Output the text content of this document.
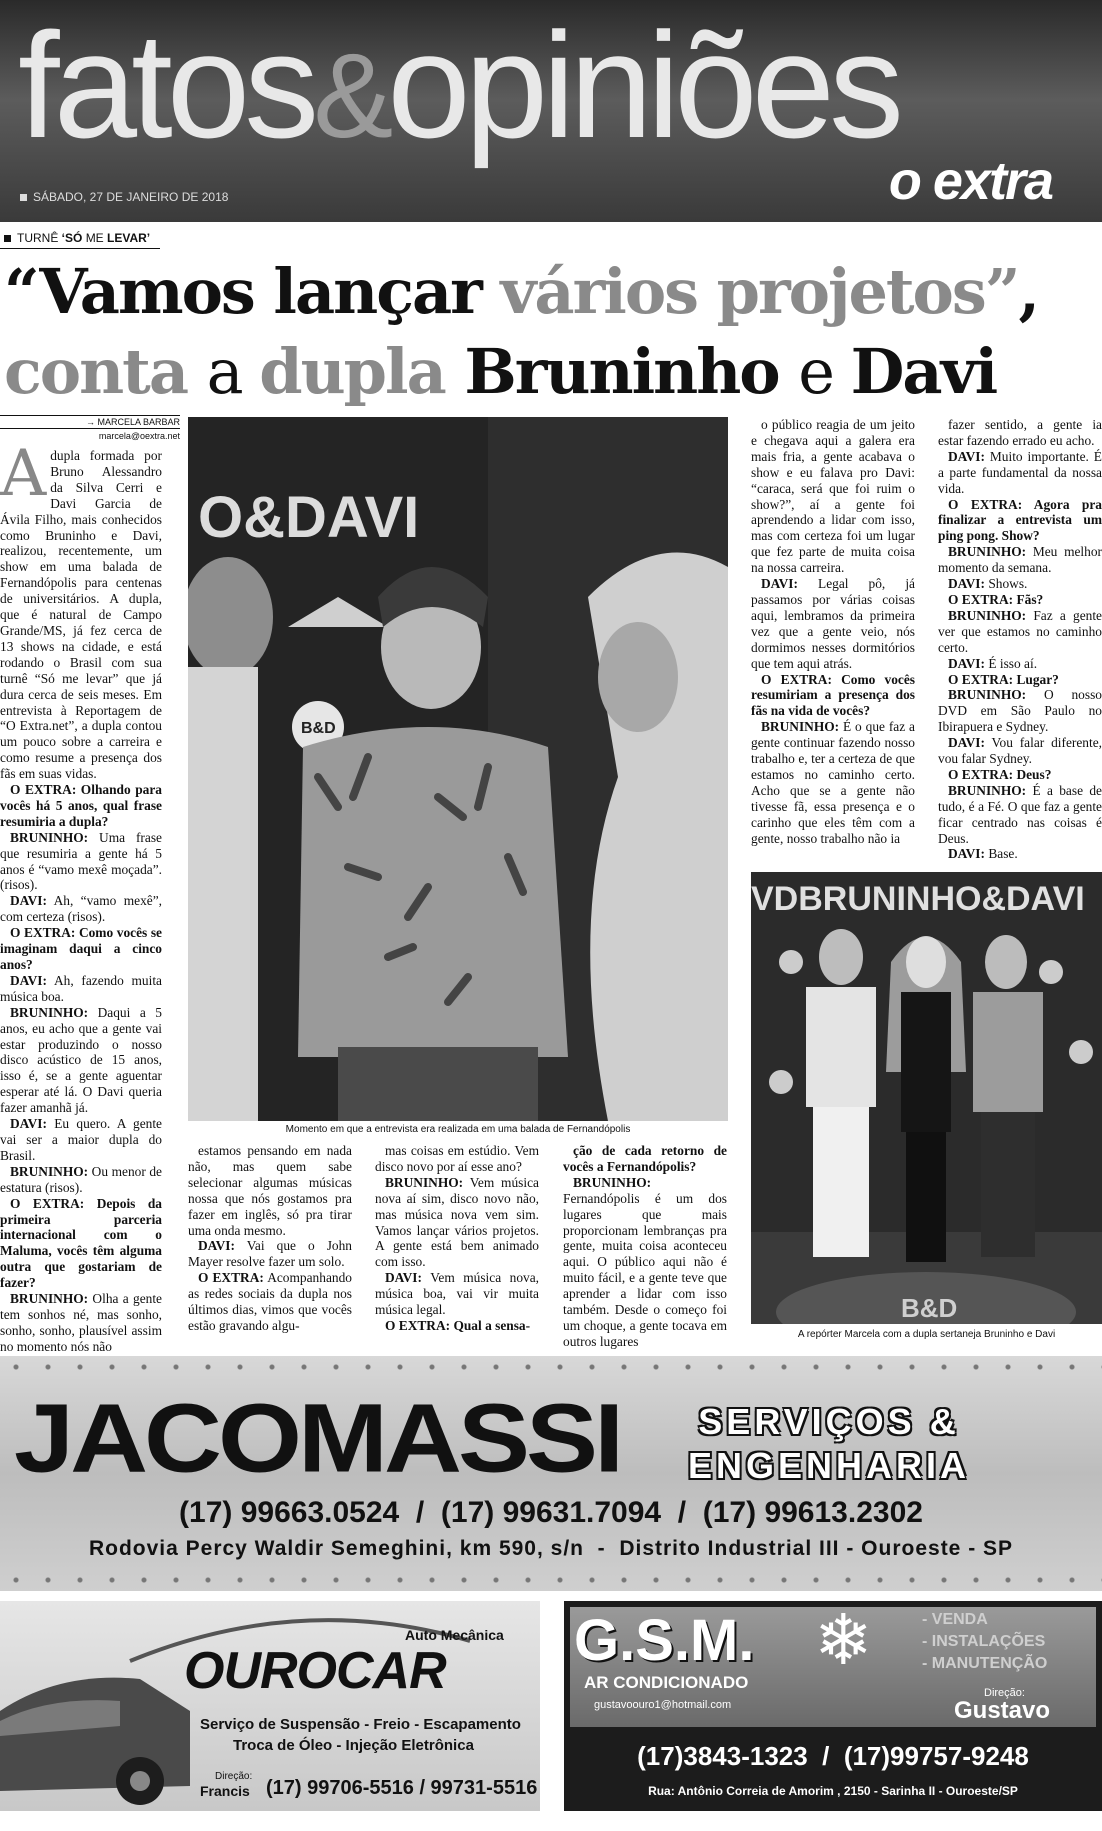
fatos&opiniões
SÁBADO, 27 DE JANEIRO DE 2018	o extra
TURNÊ ‘SÓ ME LEVAR’
“Vamos lançar vários projetos”,
conta a dupla Bruninho e Davi
→ MARCELA BARBAR
marcela@oextra.net

Adupla formada por Bruno Alessandro da Silva Cerri e Davi Garcia de Ávila Filho, mais conhecidos como Bruninho e Davi, realizou, recentemente, um show em uma balada de Fernandópolis para centenas de universitários. A dupla, que é natural de Campo Grande/MS, já fez cerca de 13 shows na cidade, e está rodando o Brasil com sua turnê “Só me levar” que já dura cerca de seis meses. Em entrevista à Reportagem de “O Extra.net”, a dupla contou um pouco sobre a carreira e como resume a presença dos fãs em suas vidas.

O EXTRA: Olhando para vocês há 5 anos, qual frase resumiria a dupla?

BRUNINHO: Uma frase que resumiria a gente há 5 anos é “vamo mexê moçada”. (risos).

DAVI: Ah, “vamo mexê”, com certeza (risos).

O EXTRA: Como vocês se imaginam daqui a cinco anos?

DAVI: Ah, fazendo muita música boa.

BRUNINHO: Daqui a 5 anos, eu acho que a gente vai estar produzindo o nosso disco acústico de 15 anos, isso é, se a gente aguentar esperar até lá. O Davi queria fazer amanhã já.

DAVI: Eu quero. A gente vai ser a maior dupla do Brasil.

BRUNINHO: Ou menor de estatura (risos).

O EXTRA: Depois da primeira parceria internacional com o Maluma, vocês têm alguma outra que gostariam de fazer?

BRUNINHO: Olha a gente tem sonhos né, mas sonho, sonho, sonho, plausível assim no momento nós não

estamos pensando em nada não, mas quem sabe selecionar algumas músicas nossa que nós gostamos pra fazer em inglês, só pra tirar uma onda mesmo.

DAVI: Vai que o John Mayer resolve fazer um solo.

O EXTRA: Acompanhando as redes sociais da dupla nos últimos dias, vimos que vocês estão gravando algu-

mas coisas em estúdio. Vem disco novo por aí esse ano?

BRUNINHO: Vem música nova aí sim, disco novo não, mas música nova vem sim. Vamos lançar vários projetos. A gente está bem animado com isso.

DAVI: Vem música nova, música boa, vai vir muita música legal.

O EXTRA: Qual a sensa-

ção de cada retorno de vocês a Fernandópolis?

BRUNINHO: Fernandópolis é um dos lugares que mais proporcionam lembranças pra gente, muita coisa aconteceu aqui. O público aqui não é muito fácil, e a gente teve que aprender a lidar com isso também. Desde o começo foi um choque, a gente tocava em outros lugares

o público reagia de um jeito e chegava aqui a galera era mais fria, a gente acabava o show e eu falava pro Davi: “caraca, será que foi ruim o show?”, aí a gente foi aprendendo a lidar com isso, mas com certeza foi um lugar que fez parte de muita coisa na nossa carreira.

DAVI: Legal pô, já passamos por várias coisas aqui, lembramos da primeira vez que a gente veio, nós dormimos nesses dormitórios que tem aqui atrás.

O EXTRA: Como vocês resumiriam a presença dos fãs na vida de vocês?

BRUNINHO: É o que faz a gente continuar fazendo nosso trabalho e, ter a certeza de que estamos no caminho certo. Acho que se a gente não tivesse fã, essa presença e o carinho que eles têm com a gente, nosso trabalho não ia

fazer sentido, a gente ia estar fazendo errado eu acho.

DAVI: Muito importante. É a parte fundamental da nossa vida.

O EXTRA: Agora pra finalizar a entrevista um ping pong. Show?

BRUNINHO: Meu melhor momento da semana.

DAVI: Shows.

O EXTRA: Fãs?

BRUNINHO: Faz a gente ver que estamos no caminho certo.

DAVI: É isso aí.

O EXTRA: Lugar?

BRUNINHO: O nosso DVD em São Paulo no Ibirapuera e Sydney.

DAVI: Vou falar diferente, vou falar Sydney.

O EXTRA: Deus?

BRUNINHO: É a base de tudo, é a Fé. O que faz a gente ficar centrado nas coisas é Deus.

DAVI: Base.

O&DAVI
B&D
Momento em que a entrevista era realizada em uma balada de Fernandópolis
VDBRUNINHO&DAVI
B&D
A repórter Marcela com a dupla sertaneja Bruninho e Davi
JACOMASSI SERVIÇOS &
ENGENHARIA
(17) 99663.0524  /  (17) 99631.7094  /  (17) 99613.2302
Rodovia Percy Waldir Semeghini, km 590, s/n  -  Distrito Industrial III - Ouroeste - SP
Auto Mecânica
OUROCAR
Serviço de Suspensão - Freio - Escapamento
Troca de Óleo - Injeção Eletrônica
Direção:
Francis (17) 99706-5516 / 99731-5516
G.S.M.
AR CONDICIONADO
❄	- VENDA
- INSTALAÇÕES
- MANUTENÇÃO
gustavoouro1@hotmail.com
Direção:
Gustavo
(17)3843-1323  /  (17)99757-9248
Rua: Antônio Correia de Amorim , 2150 - Sarinha II - Ouroeste/SP
